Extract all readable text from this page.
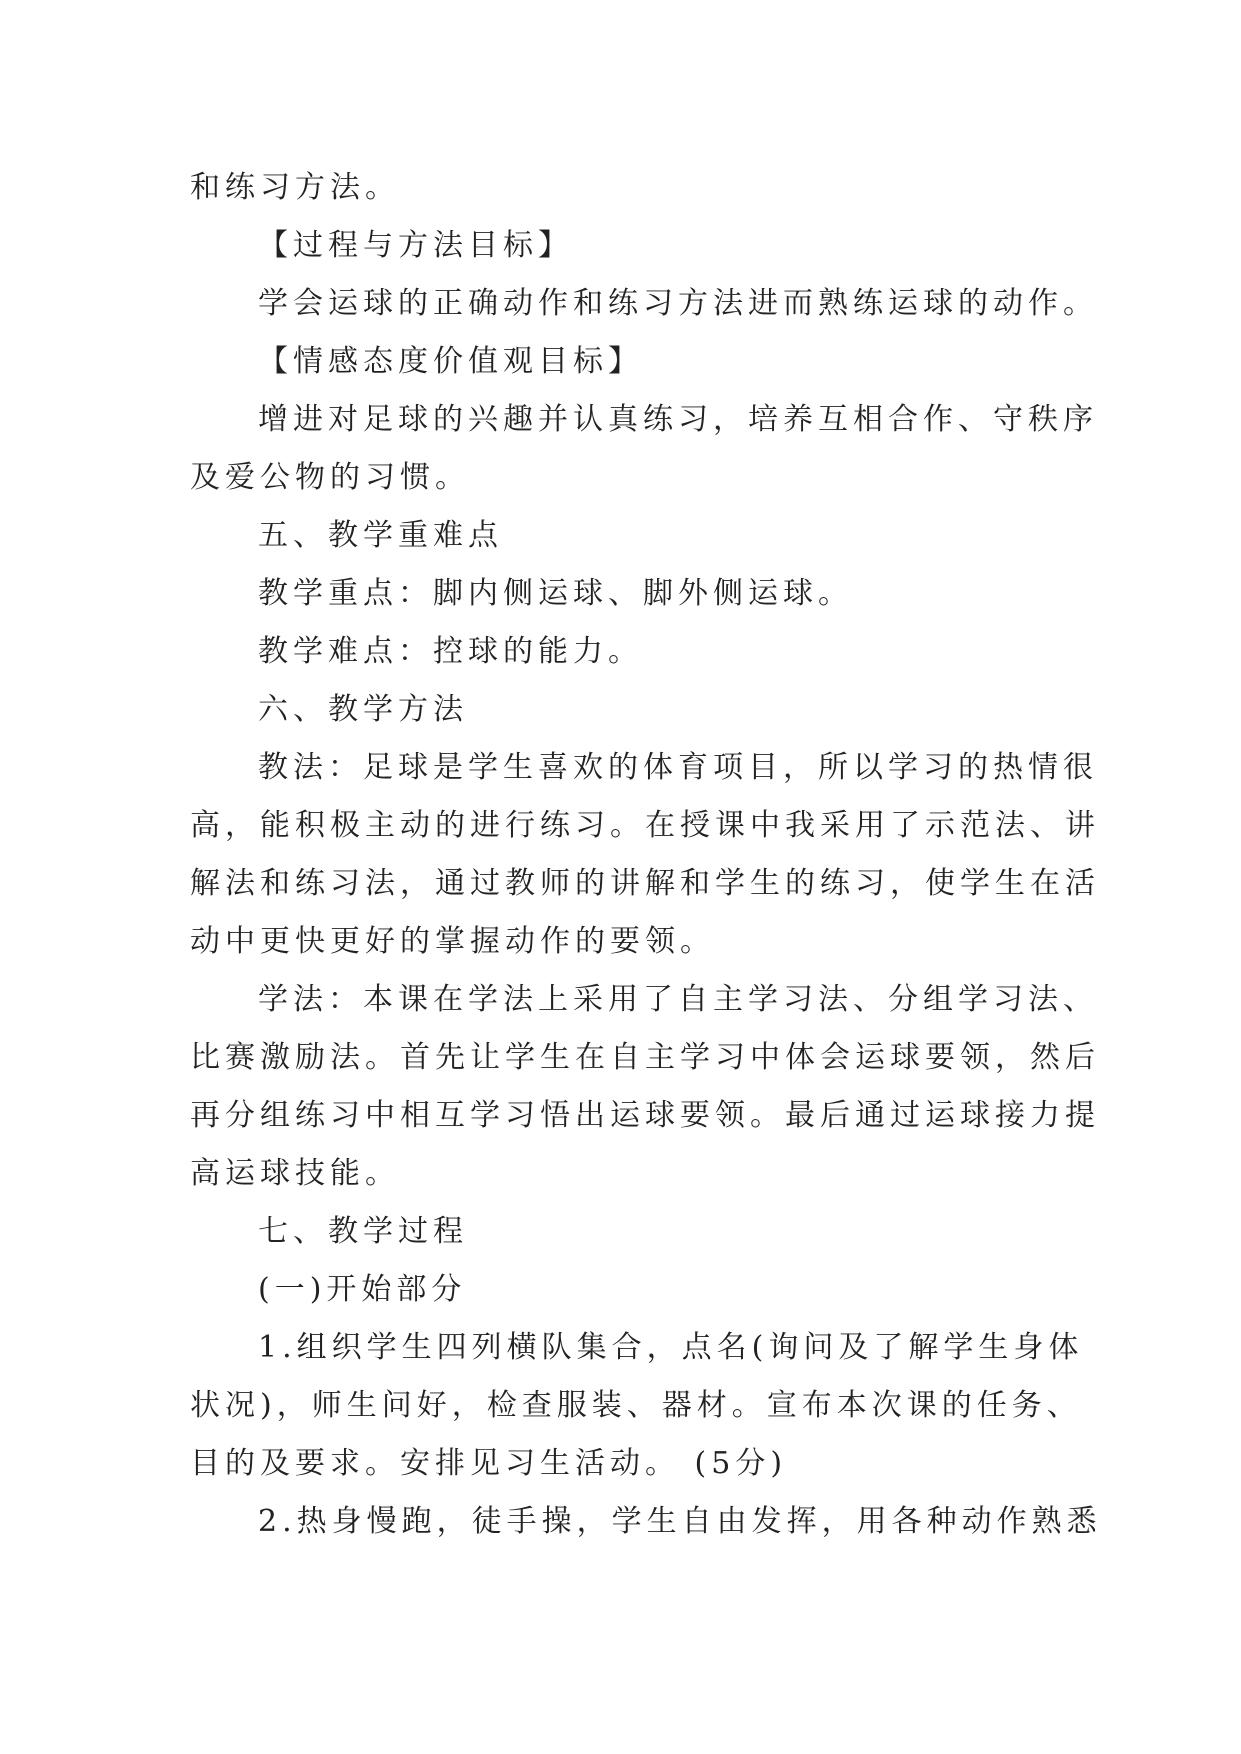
和练习方法。
【过程与方法目标】
学会运球的正确动作和练习方法进而熟练运球的动作。
【情感态度价值观目标】
增进对足球的兴趣并认真练习，培养互相合作、守秩序
及爱公物的习惯。
五、教学重难点
教学重点：脚内侧运球、脚外侧运球。
教学难点：控球的能力。
六、教学方法
教法：足球是学生喜欢的体育项目，所以学习的热情很
高，能积极主动的进行练习。在授课中我采用了示范法、讲
解法和练习法，通过教师的讲解和学生的练习，使学生在活
动中更快更好的掌握动作的要领。
学法：本课在学法上采用了自主学习法、分组学习法、
比赛激励法。首先让学生在自主学习中体会运球要领，然后
再分组练习中相互学习悟出运球要领。最后通过运球接力提
高运球技能。
七、教学过程
(一)开始部分
1.组织学生四列横队集合，点名(询问及了解学生身体
状况)，师生问好，检查服装、器材。宣布本次课的任务、
目的及要求。安排见习生活动。 (5分)
2.热身慢跑，徒手操，学生自由发挥，用各种动作熟悉
